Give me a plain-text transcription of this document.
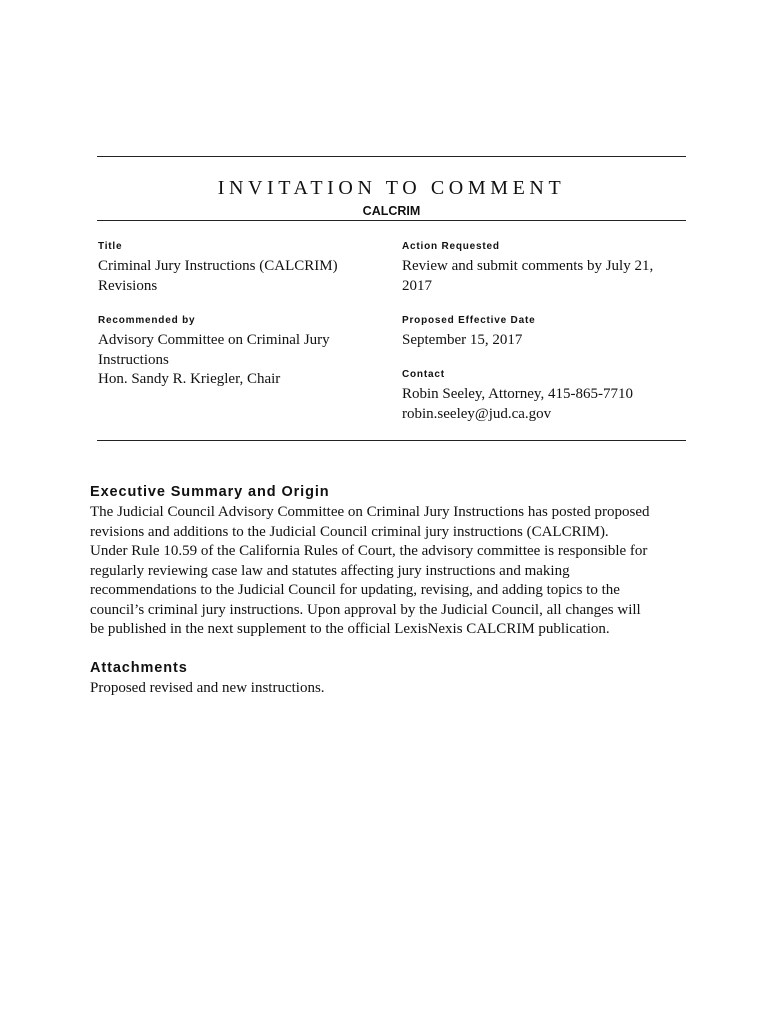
INVITATION TO COMMENT
CALCRIM
Title
Criminal Jury Instructions (CALCRIM)
Revisions
Action Requested
Review and submit comments by July 21,
2017
Recommended by
Advisory Committee on Criminal Jury
Instructions
Hon. Sandy R. Kriegler, Chair
Proposed Effective Date
September 15, 2017
Contact
Robin Seeley, Attorney, 415-865-7710
robin.seeley@jud.ca.gov
Executive Summary and Origin
The Judicial Council Advisory Committee on Criminal Jury Instructions has posted proposed
revisions and additions to the Judicial Council criminal jury instructions (CALCRIM).
Under Rule 10.59 of the California Rules of Court, the advisory committee is responsible for
regularly reviewing case law and statutes affecting jury instructions and making
recommendations to the Judicial Council for updating, revising, and adding topics to the
council’s criminal jury instructions. Upon approval by the Judicial Council, all changes will
be published in the next supplement to the official LexisNexis CALCRIM publication.
Attachments
Proposed revised and new instructions.
